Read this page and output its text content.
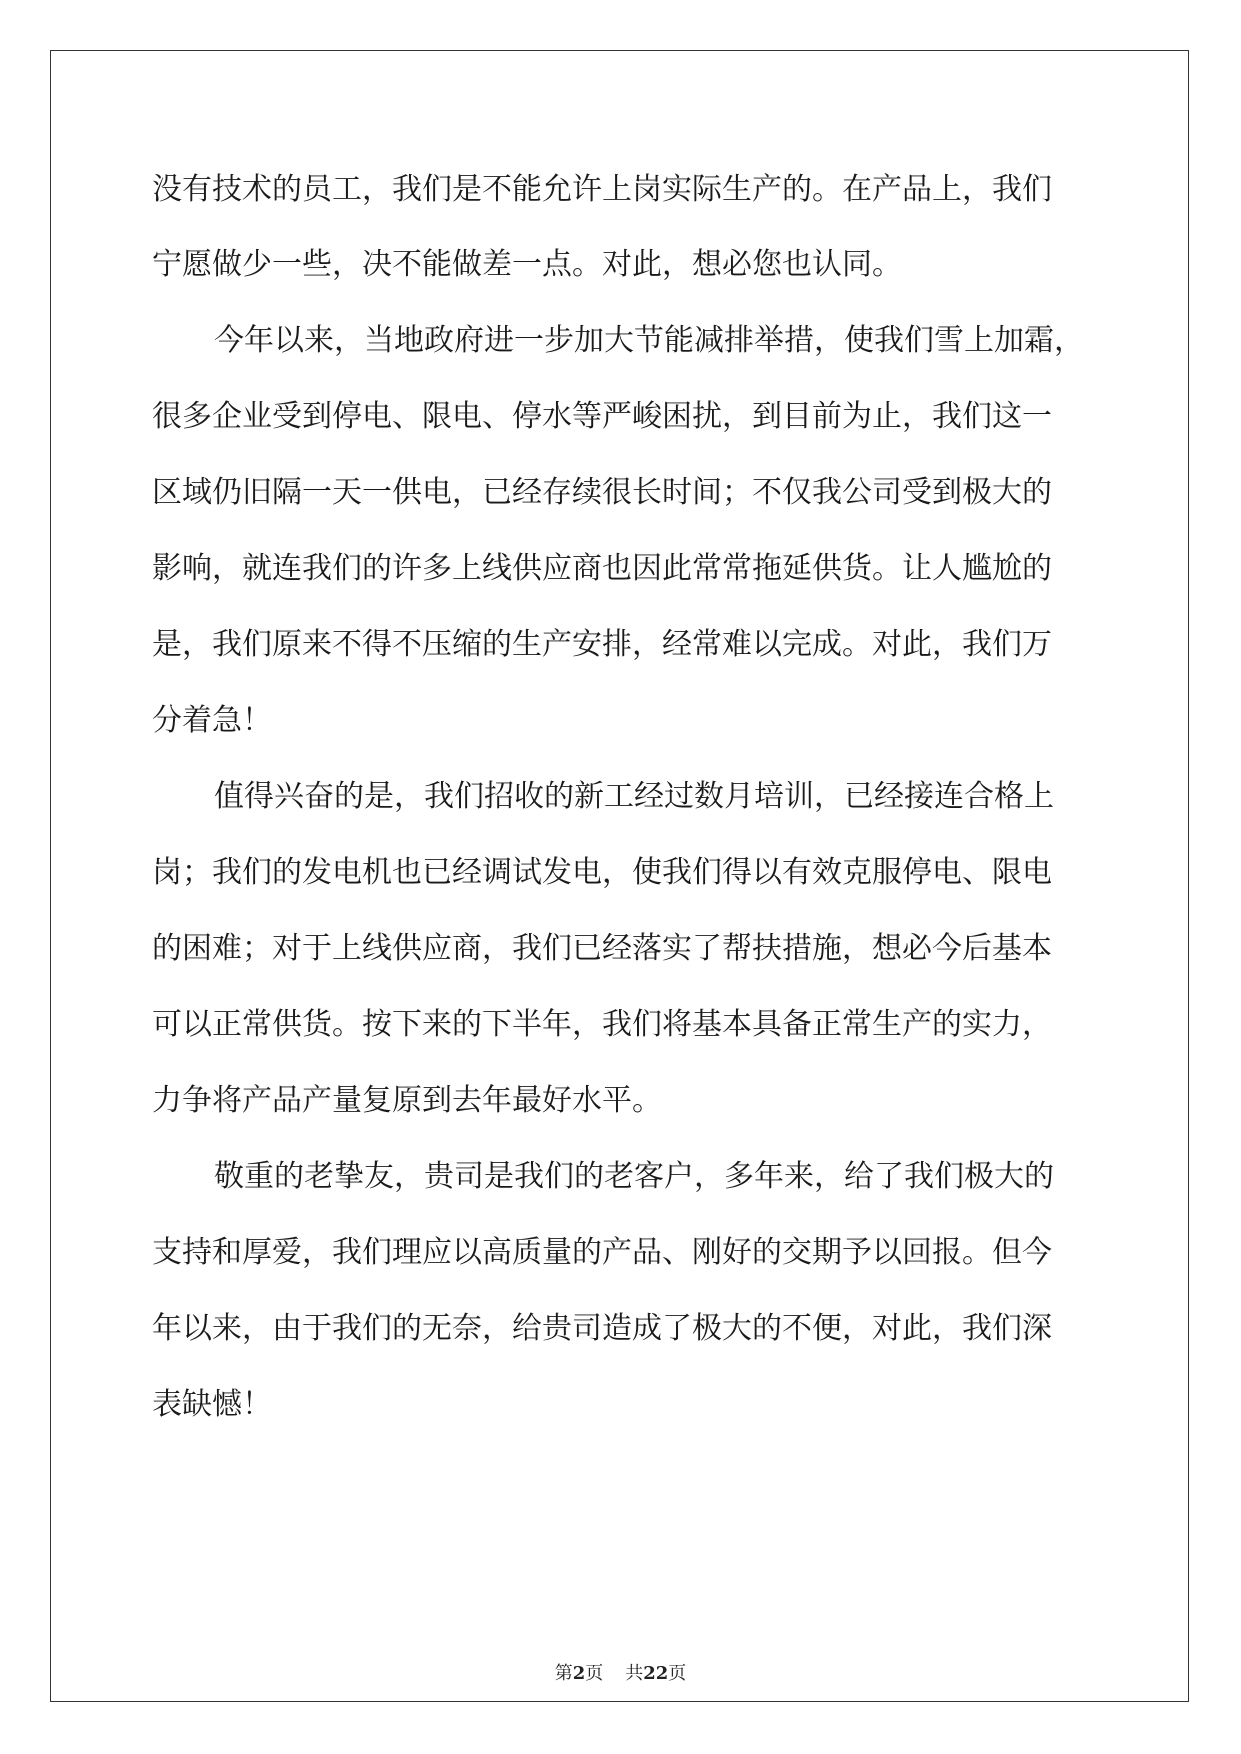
没有技术的员工，我们是不能允许上岗实际生产的。在产品上，我们
宁愿做少一些，决不能做差一点。对此，想必您也认同。
今年以来，当地政府进一步加大节能减排举措，使我们雪上加霜，
很多企业受到停电、限电、停水等严峻困扰，到目前为止，我们这一
区域仍旧隔一天一供电，已经存续很长时间；不仅我公司受到极大的
影响，就连我们的许多上线供应商也因此常常拖延供货。让人尴尬的
是，我们原来不得不压缩的生产安排，经常难以完成。对此，我们万
分着急！
值得兴奋的是，我们招收的新工经过数月培训，已经接连合格上
岗；我们的发电机也已经调试发电，使我们得以有效克服停电、限电
的困难；对于上线供应商，我们已经落实了帮扶措施，想必今后基本
可以正常供货。按下来的下半年，我们将基本具备正常生产的实力，
力争将产品产量复原到去年最好水平。
敬重的老挚友，贵司是我们的老客户，多年来，给了我们极大的
支持和厚爱，我们理应以高质量的产品、刚好的交期予以回报。但今
年以来，由于我们的无奈，给贵司造成了极大的不便，对此，我们深
表缺憾！
第2页 共22页
